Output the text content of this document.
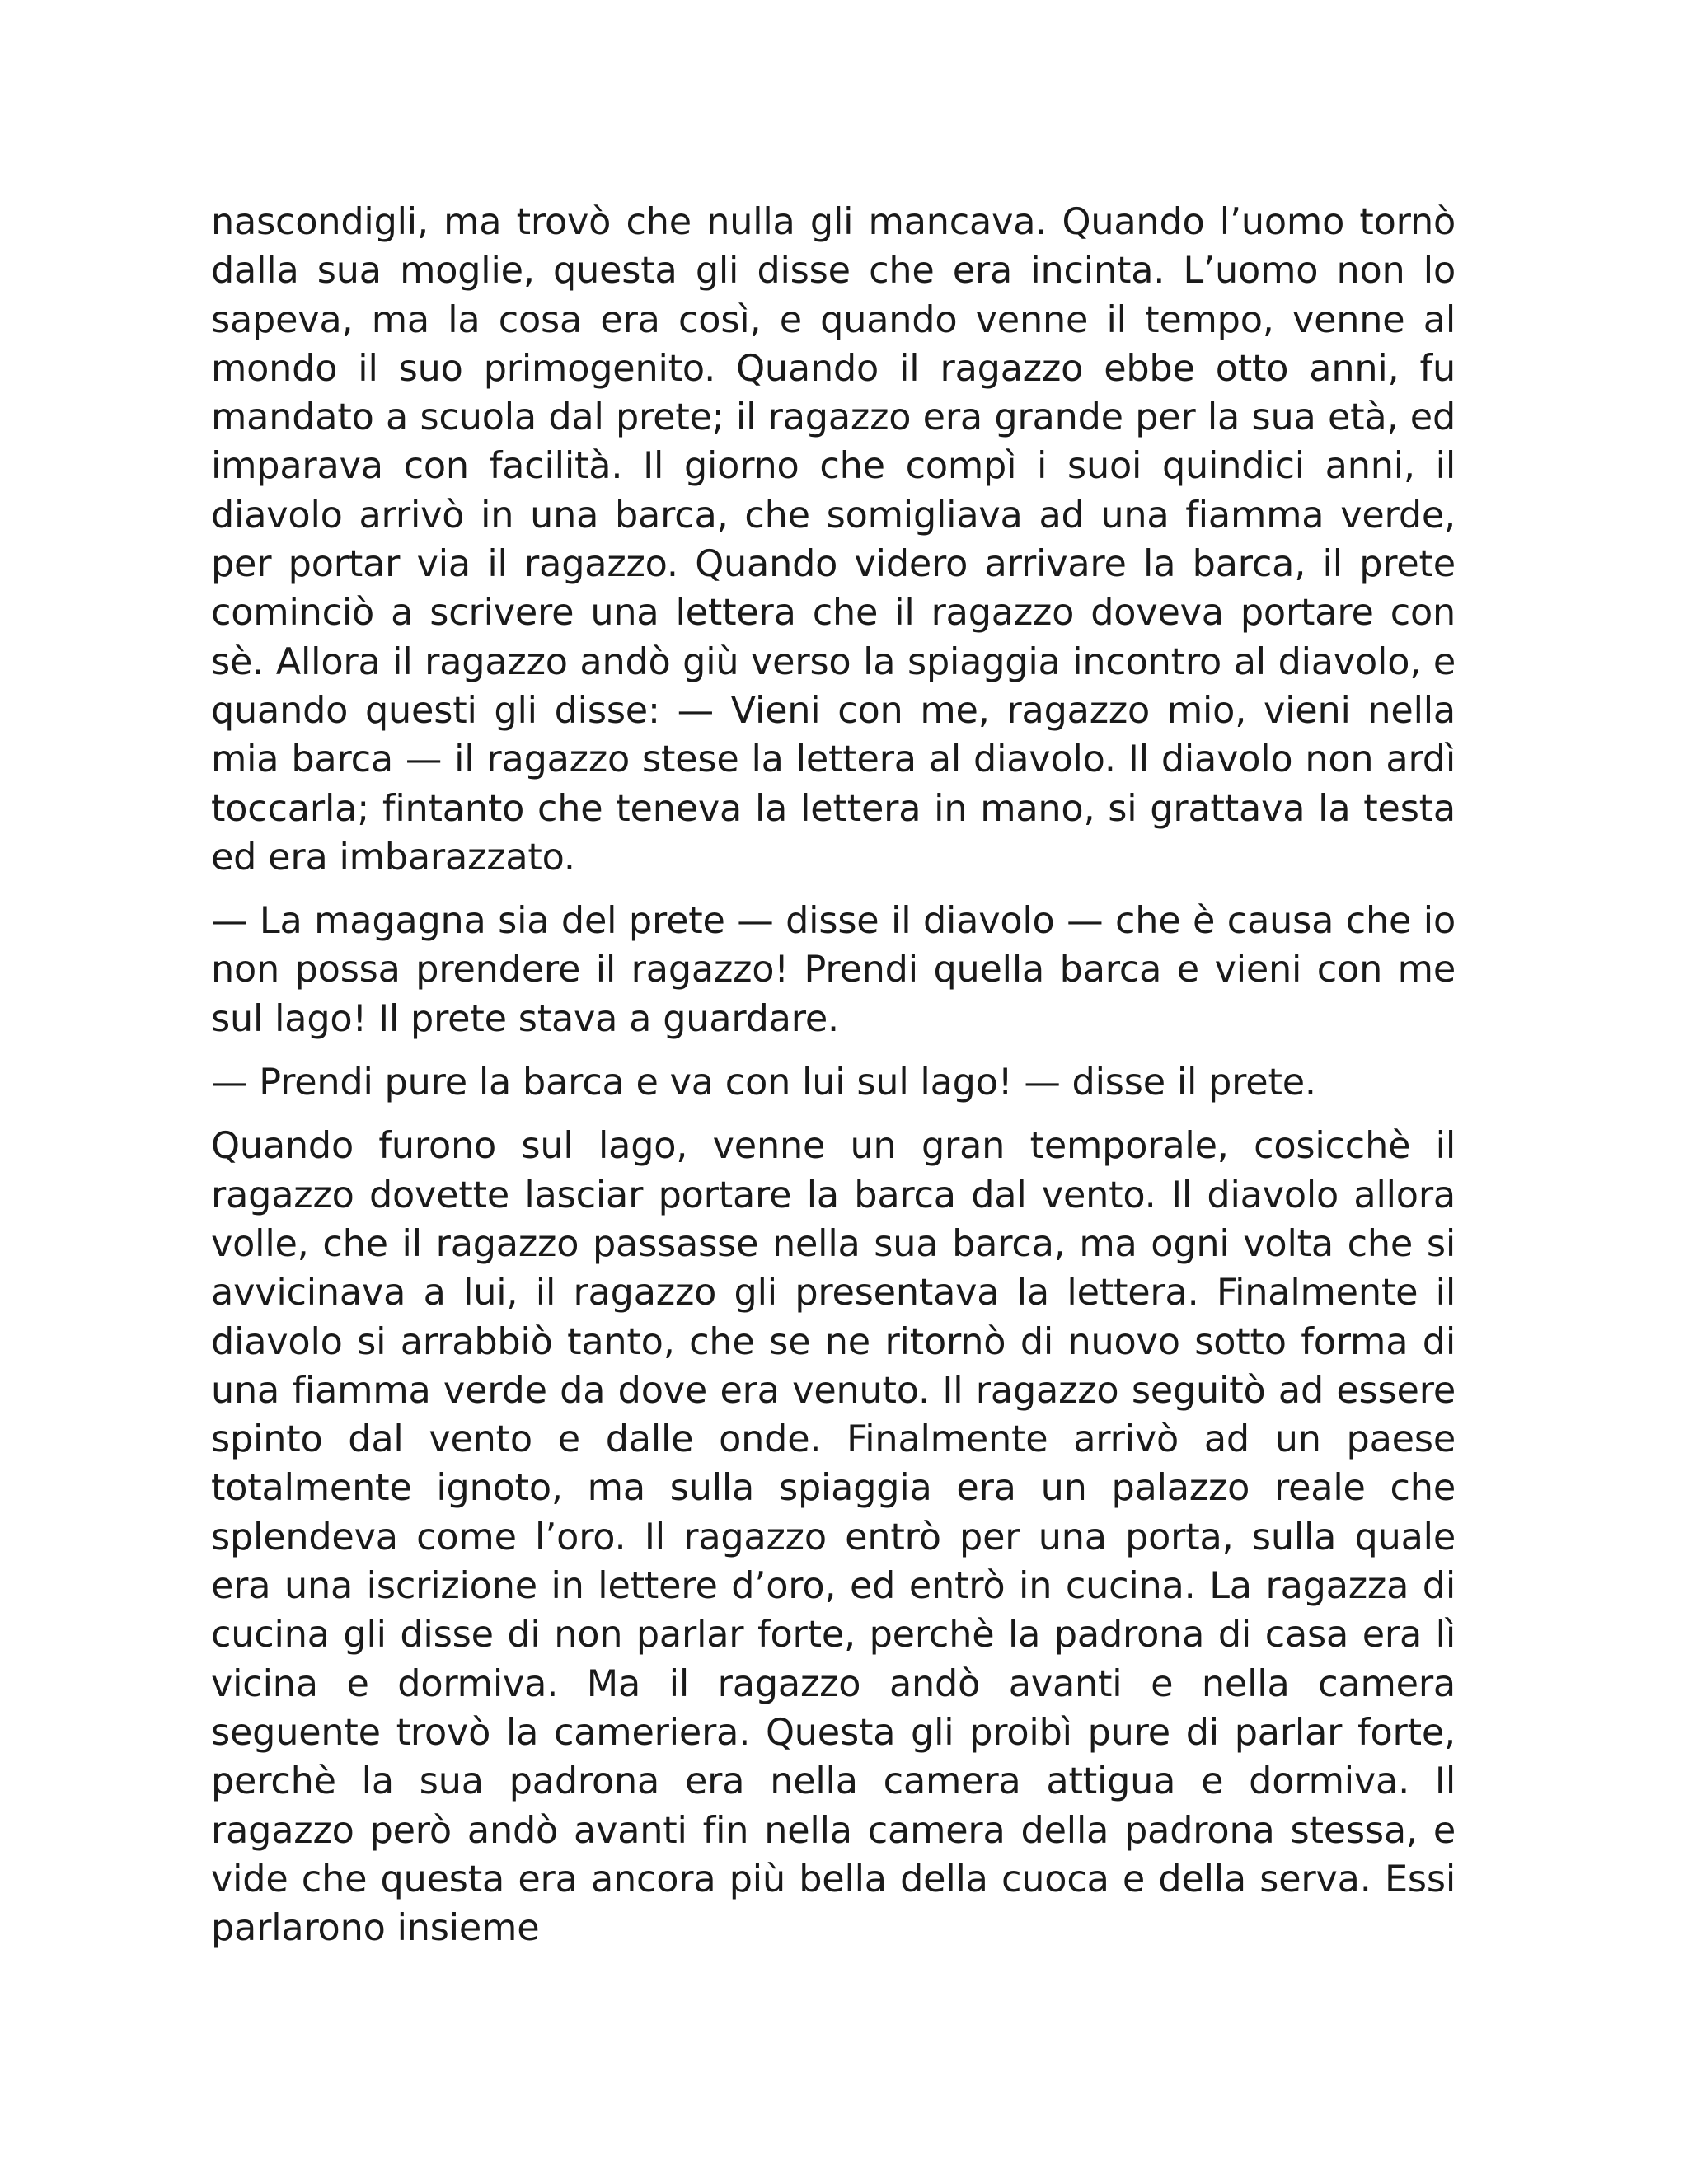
nascondigli, ma trovò che nulla gli mancava. Quando l’uomo tornò dalla sua moglie, questa gli disse che era incinta. L’uomo non lo sapeva, ma la cosa era così, e quando venne il tempo, venne al mondo il suo primogenito. Quando il ragazzo ebbe otto anni, fu mandato a scuola dal prete; il ragazzo era grande per la sua età, ed imparava con facilità. Il giorno che compì i suoi quindici anni, il diavolo arrivò in una barca, che somigliava ad una fiamma verde, per portar via il ragazzo. Quando videro arrivare la barca, il prete cominciò a scrivere una lettera che il ragazzo doveva portare con sè. Allora il ragazzo andò giù verso la spiaggia incontro al diavolo, e quando questi gli disse: — Vieni con me, ragazzo mio, vieni nella mia barca — il ragazzo stese la lettera al diavolo. Il diavolo non ardì toccarla; fintanto che teneva la lettera in mano, si grattava la testa ed era imbarazzato.

— La magagna sia del prete — disse il diavolo — che è causa che io non possa prendere il ragazzo! Prendi quella barca e vieni con me sul lago! Il prete stava a guardare.

— Prendi pure la barca e va con lui sul lago! — disse il prete.

Quando furono sul lago, venne un gran temporale, cosicchè il ragazzo dovette lasciar portare la barca dal vento. Il diavolo allora volle, che il ragazzo passasse nella sua barca, ma ogni volta che si avvicinava a lui, il ragazzo gli presentava la lettera. Finalmente il diavolo si arrabbiò tanto, che se ne ritornò di nuovo sotto forma di una fiamma verde da dove era venuto. Il ragazzo seguitò ad essere spinto dal vento e dalle onde. Finalmente arrivò ad un paese totalmente ignoto, ma sulla spiaggia era un palazzo reale che splendeva come l’oro. Il ragazzo entrò per una porta, sulla quale era una iscrizione in lettere d’oro, ed entrò in cucina. La ragazza di cucina gli disse di non parlar forte, perchè la padrona di casa era lì vicina e dormiva. Ma il ragazzo andò avanti e nella camera seguente trovò la cameriera. Questa gli proibì pure di parlar forte, perchè la sua padrona era nella camera attigua e dormiva. Il ragazzo però andò avanti fin nella camera della padrona stessa, e vide che questa era ancora più bella della cuoca e della serva. Essi parlarono insieme
